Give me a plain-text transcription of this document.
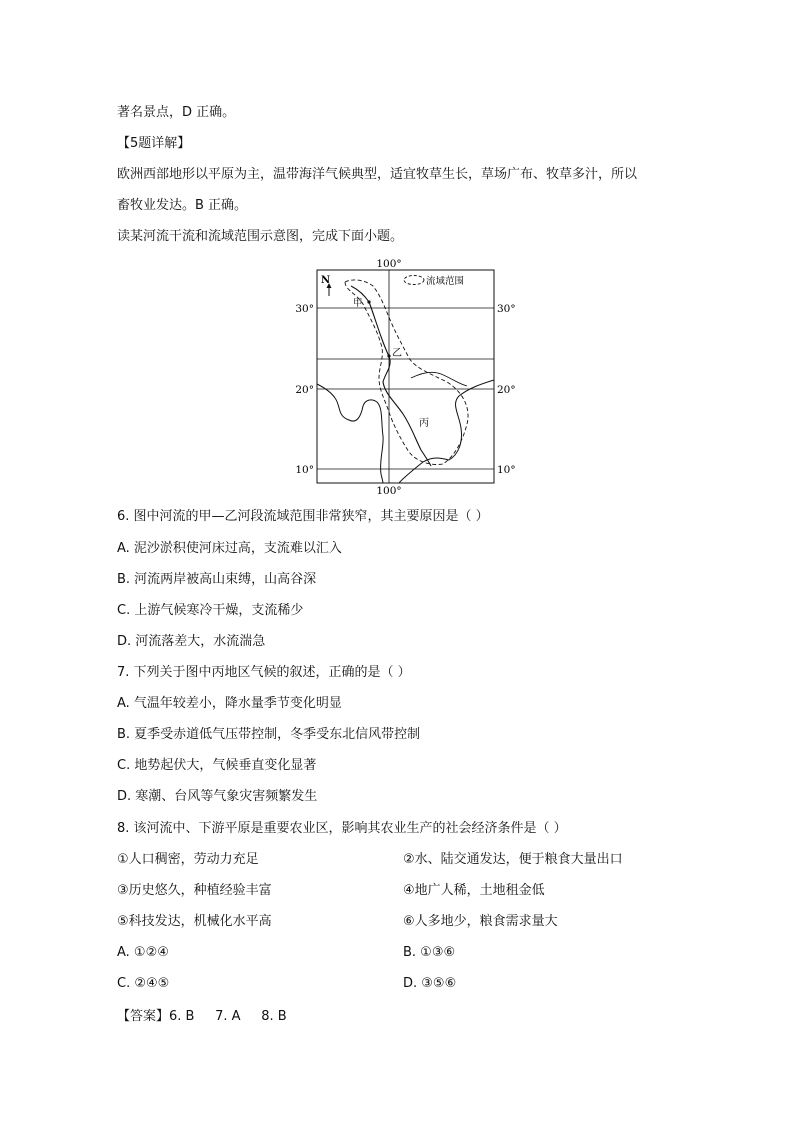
著名景点，D 正确。
【5题详解】
欧洲西部地形以平原为主，温带海洋气候典型，适宜牧草生长，草场广布、牧草多汁，所以
畜牧业发达。B 正确。
读某河流干流和流域范围示意图，完成下面小题。
100°
100°
30°	30°
20°	20°
10°	10°
N	流域范围
甲
乙
丙
6. 图中河流的甲—乙河段流域范围非常狭窄，其主要原因是（ ）
A. 泥沙淤积使河床过高，支流难以汇入
B. 河流两岸被高山束缚，山高谷深
C. 上游气候寒冷干燥，支流稀少
D. 河流落差大，水流湍急
7. 下列关于图中丙地区气候的叙述，正确的是（ ）
A. 气温年较差小，降水量季节变化明显
B. 夏季受赤道低气压带控制，冬季受东北信风带控制
C. 地势起伏大，气候垂直变化显著
D. 寒潮、台风等气象灾害频繁发生
8. 该河流中、下游平原是重要农业区，影响其农业生产的社会经济条件是（ ）
①人口稠密，劳动力充足	②水、陆交通发达，便于粮食大量出口
③历史悠久，种植经验丰富	④地广人稀，土地租金低
⑤科技发达，机械化水平高	⑥人多地少，粮食需求量大
A. ①②④	B. ①③⑥
C. ②④⑤	D. ③⑤⑥
【答案】6. B     7. A     8. B
